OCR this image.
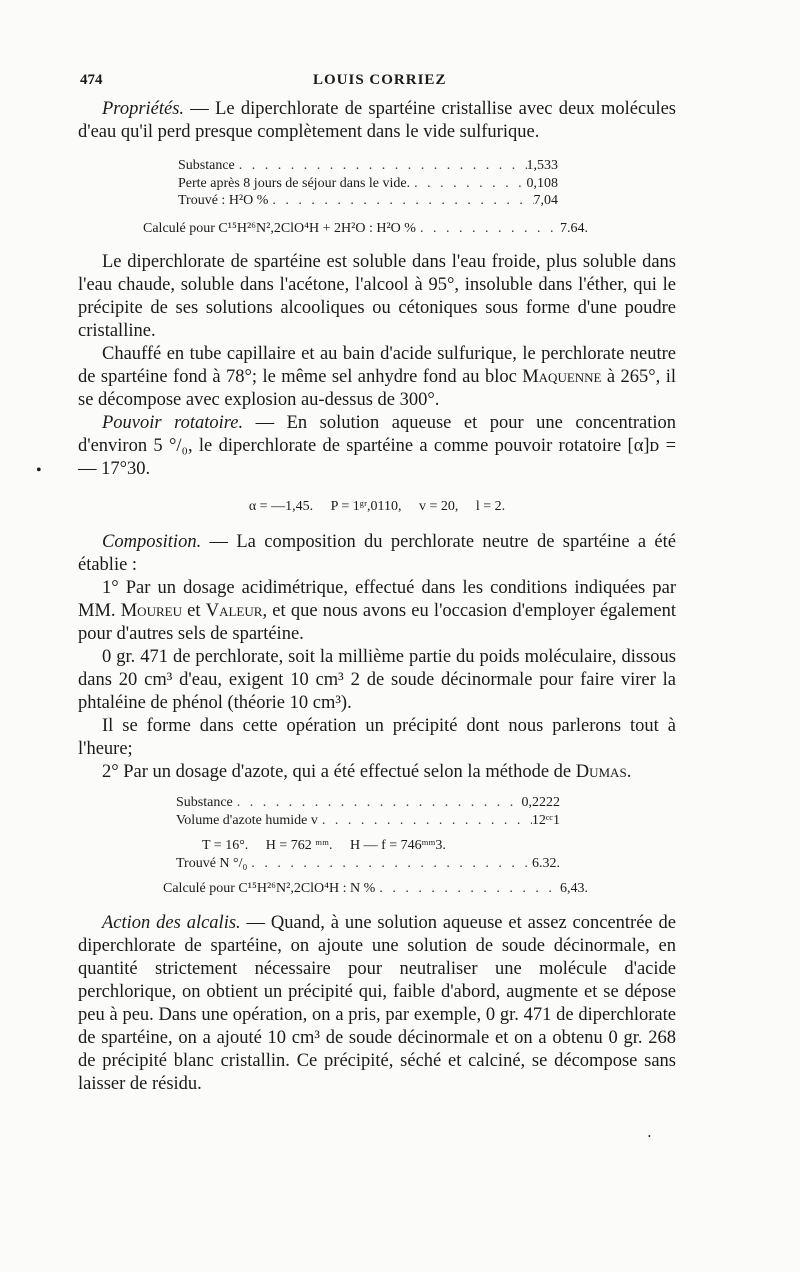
474	LOUIS CORRIEZ

Propriétés. — Le diperchlorate de spartéine cristallise avec deux molécules d'eau qu'il perd presque complètement dans le vide sulfurique.

Substance . . .	1,533
Perte après 8 jours de séjour dans le vide. . . .	0,108
Trouvé : H²O % . . .	7,04
Calculé pour C¹⁵H²⁶N²,2ClO⁴H + 2H²O : H²O % . . .	7.64.

Le diperchlorate de spartéine est soluble dans l'eau froide, plus soluble dans l'eau chaude, soluble dans l'acétone, l'alcool à 95°, insoluble dans l'éther, qui le précipite de ses solutions alcooliques ou cétoniques sous forme d'une poudre cristalline.

Chauffé en tube capillaire et au bain d'acide sulfurique, le perchlorate neutre de spartéine fond à 78°; le même sel anhydre fond au bloc Maquenne à 265°, il se décompose avec explosion au-dessus de 300°.

Pouvoir rotatoire. — En solution aqueuse et pour une concentration d'environ 5 °/₀, le diperchlorate de spartéine a comme pouvoir rotatoire [α]ᴅ = — 17°30.

α = —1,45.     P = 1ᵍʳ,0110,     v = 20,     l = 2.

Composition. — La composition du perchlorate neutre de spartéine a été établie :

1° Par un dosage acidimétrique, effectué dans les conditions indiquées par MM. Moureu et Valeur, et que nous avons eu l'occasion d'employer également pour d'autres sels de spartéine.

0 gr. 471 de perchlorate, soit la millième partie du poids moléculaire, dissous dans 20 cm³ d'eau, exigent 10 cm³ 2 de soude décinormale pour faire virer la phtaléine de phénol (théorie 10 cm³).

Il se forme dans cette opération un précipité dont nous parlerons tout à l'heure;

2° Par un dosage d'azote, qui a été effectué selon la méthode de Dumas.

Substance . . .	0,2222
Volume d'azote humide v . . .	12ᶜᶜ1
T = 16°.     H = 762 ᵐᵐ.     H — f = 746ᵐᵐ3.
Trouvé N °/₀ . . .	6.32.
Calculé pour C¹⁵H²⁶N²,2ClO⁴H : N % . . .	6,43.

Action des alcalis. — Quand, à une solution aqueuse et assez concentrée de diperchlorate de spartéine, on ajoute une solution de soude décinormale, en quantité strictement nécessaire pour neutraliser une molécule d'acide perchlorique, on obtient un précipité qui, faible d'abord, augmente et se dépose peu à peu. Dans une opération, on a pris, par exemple, 0 gr. 471 de diperchlorate de spartéine, on a ajouté 10 cm³ de soude décinormale et on a obtenu 0 gr. 268 de précipité blanc cristallin. Ce précipité, séché et calciné, se décompose sans laisser de résidu.

•
•
